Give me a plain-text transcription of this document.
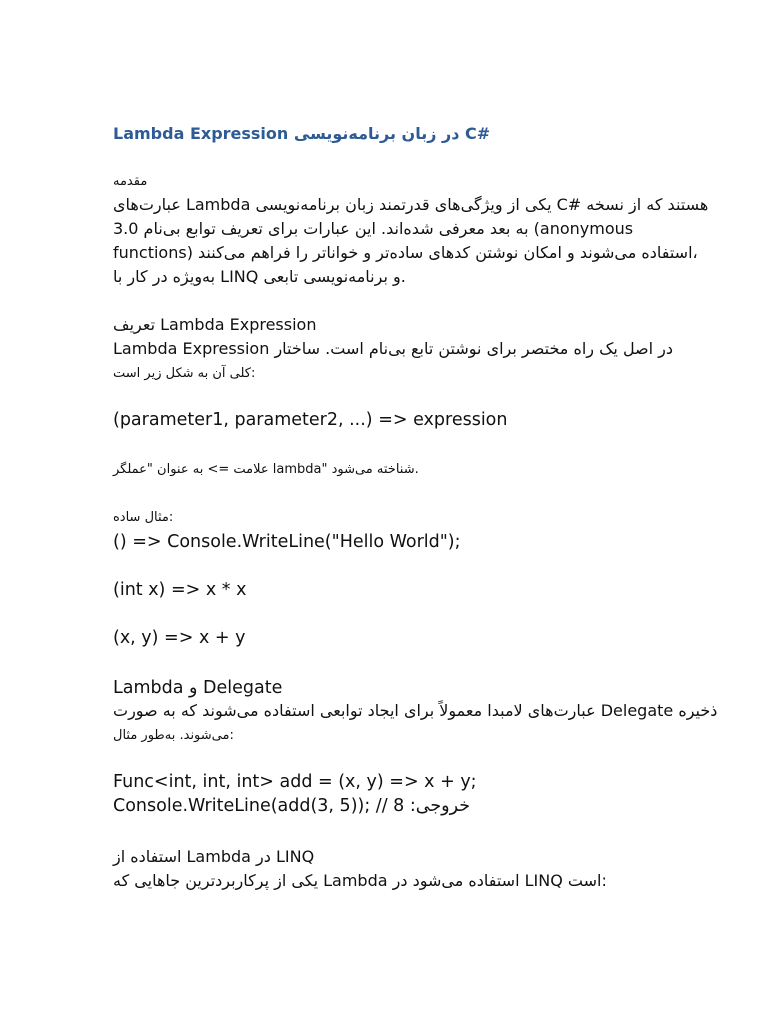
Lambda Expression در زبان برنامه‌نویسی C#
مقدمه
عبارت‌های Lambda یکی از ویژگی‌های قدرتمند زبان برنامه‌نویسی C# هستند که از نسخه
3.0 به بعد معرفی شده‌اند. این عبارات برای تعریف توابع بی‌نام (anonymous
functions) استفاده می‌شوند و امکان نوشتن کدهای ساده‌تر و خواناتر را فراهم می‌کنند،
به‌ویژه در کار با LINQ و برنامه‌نویسی تابعی.
تعریف Lambda Expression
Lambda Expression در اصل یک راه مختصر برای نوشتن تابع بی‌نام است. ساختار
کلی آن به شکل زیر است:
(parameter1, parameter2, ...) => expression
علامت => به عنوان "عملگر lambda" شناخته می‌شود.
مثال ساده:
() => Console.WriteLine("Hello World");
(int x) => x * x
(x, y) => x + y
Lambda و Delegate
عبارت‌های لامبدا معمولاً برای ایجاد توابعی استفاده می‌شوند که به صورت Delegate ذخیره
می‌شوند. به‌طور مثال:
Func<int, int, int> add = (x, y) => x + y;
Console.WriteLine(add(3, 5)); // خروجی: 8
استفاده از Lambda در LINQ
یکی از پرکاربردترین جاهایی که Lambda استفاده می‌شود در LINQ است:
